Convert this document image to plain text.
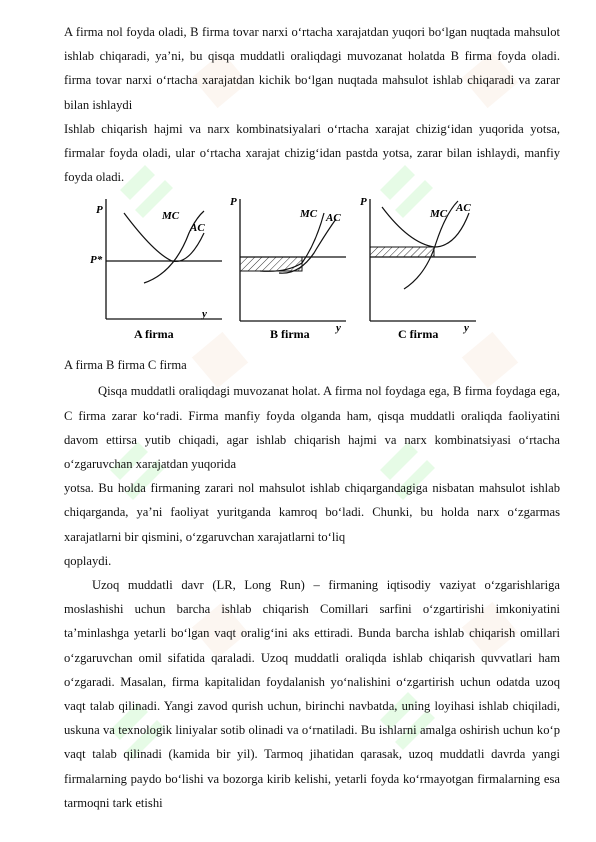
A firma nol foyda oladi, B firma tovar narxi o‘rtacha xarajatdan yuqori bo‘lgan nuqtada mahsulot ishlab chiqaradi, ya’ni, bu qisqa muddatli oraliqdagi muvozanat holatda B firma foyda oladi. firma tovar narxi o‘rtacha xarajatdan kichik bo‘lgan nuqtada mahsulot ishlab chiqaradi va zarar bilan ishlaydi

Ishlab chiqarish hajmi va narx kombinatsiyalari o‘rtacha xarajat chizig‘idan yuqorida yotsa, firmalar foyda oladi, ular o‘rtacha xarajat chizig‘idan pastda yotsa, zarar bilan ishlaydi, manfiy foyda oladi.

P
P*
MC
AC
y
A firma
P
MC AC
y
B firma
P
MC AC
y
C firma

A firma B firma C firma

Qisqa muddatli oraliqdagi muvozanat holat. A firma nol foydaga ega, B firma foydaga ega, C firma zarar ko‘radi. Firma manfiy foyda olganda ham, qisqa muddatli oraliqda faoliyatini davom ettirsa yutib chiqadi, agar ishlab chiqarish hajmi va narx kombinatsiyasi o‘rtacha o‘zgaruvchan xarajatdan yuqorida

yotsa. Bu holda firmaning zarari nol mahsulot ishlab chiqargandagiga nisbatan mahsulot ishlab chiqarganda, ya’ni faoliyat yuritganda kamroq bo‘ladi. Chunki, bu holda narx o‘zgarmas xarajatlarni bir qismini, o‘zgaruvchan xarajatlarni to‘liq

qoplaydi.

Uzoq muddatli davr (LR, Long Run) – firmaning iqtisodiy vaziyat o‘zgarishlariga moslashishi uchun barcha ishlab chiqarish Comillari sarfini o‘zgartirishi imkoniyatini ta’minlashga yetarli bo‘lgan vaqt oralig‘ini aks ettiradi. Bunda barcha ishlab chiqarish omillari o‘zgaruvchan omil sifatida qaraladi. Uzoq muddatli oraliqda ishlab chiqarish quvvatlari ham o‘zgaradi. Masalan, firma kapitalidan foydalanish yo‘nalishini o‘zgartirish uchun odatda uzoq vaqt talab qilinadi. Yangi zavod qurish uchun, birinchi navbatda, uning loyihasi ishlab chiqiladi, uskuna va texnologik liniyalar sotib olinadi va o‘rnatiladi. Bu ishlarni amalga oshirish uchun ko‘p vaqt talab qilinadi (kamida bir yil). Tarmoq jihatidan qarasak, uzoq muddatli davrda yangi firmalarning paydo bo‘lishi va bozorga kirib kelishi, yetarli foyda ko‘rmayotgan firmalarning esa tarmoqni tark etishi
